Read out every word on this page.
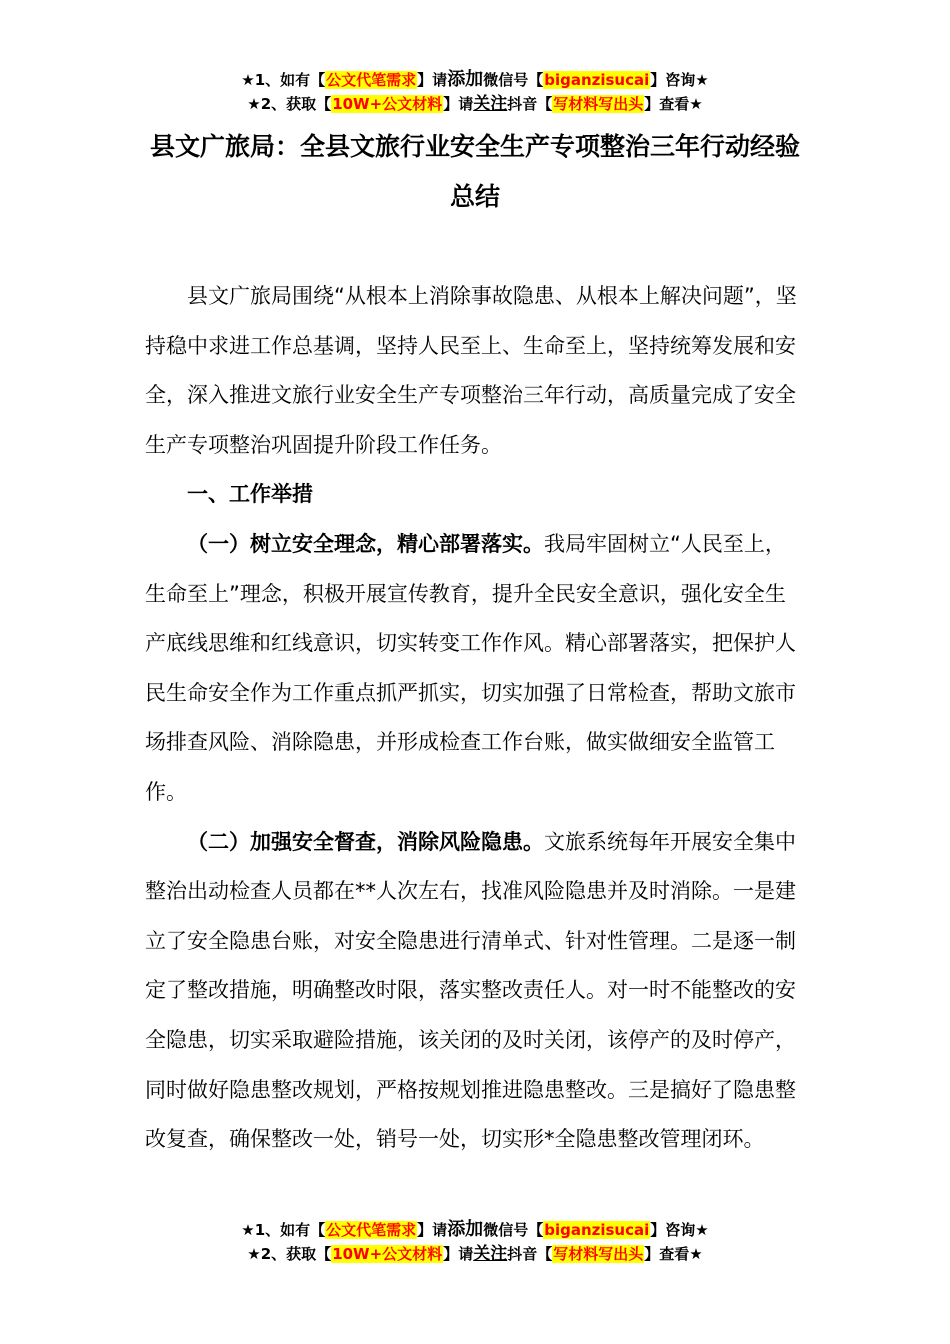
★1、如有【公文代笔需求】请添加微信号【biganzisucai】咨询★
★2、获取【10W+公文材料】请关注抖音【写材料写出头】查看★
县文广旅局：全县文旅行业安全生产专项整治三年行动经验总结

县文广旅局围绕“从根本上消除事故隐患、从根本上解决问题”，坚持稳中求进工作总基调，坚持人民至上、生命至上，坚持统筹发展和安全，深入推进文旅行业安全生产专项整治三年行动，高质量完成了安全生产专项整治巩固提升阶段工作任务。

一、工作举措

（一）树立安全理念，精心部署落实。我局牢固树立“人民至上，生命至上”理念，积极开展宣传教育，提升全民安全意识，强化安全生产底线思维和红线意识，切实转变工作作风。精心部署落实，把保护人民生命安全作为工作重点抓严抓实，切实加强了日常检查，帮助文旅市场排查风险、消除隐患，并形成检查工作台账，做实做细安全监管工作。

（二）加强安全督查，消除风险隐患。文旅系统每年开展安全集中整治出动检查人员都在**人次左右，找准风险隐患并及时消除。一是建立了安全隐患台账，对安全隐患进行清单式、针对性管理。二是逐一制定了整改措施，明确整改时限，落实整改责任人。对一时不能整改的安全隐患，切实采取避险措施，该关闭的及时关闭，该停产的及时停产，同时做好隐患整改规划，严格按规划推进隐患整改。三是搞好了隐患整改复查，确保整改一处，销号一处，切实形*全隐患整改管理闭环。

★1、如有【公文代笔需求】请添加微信号【biganzisucai】咨询★
★2、获取【10W+公文材料】请关注抖音【写材料写出头】查看★
